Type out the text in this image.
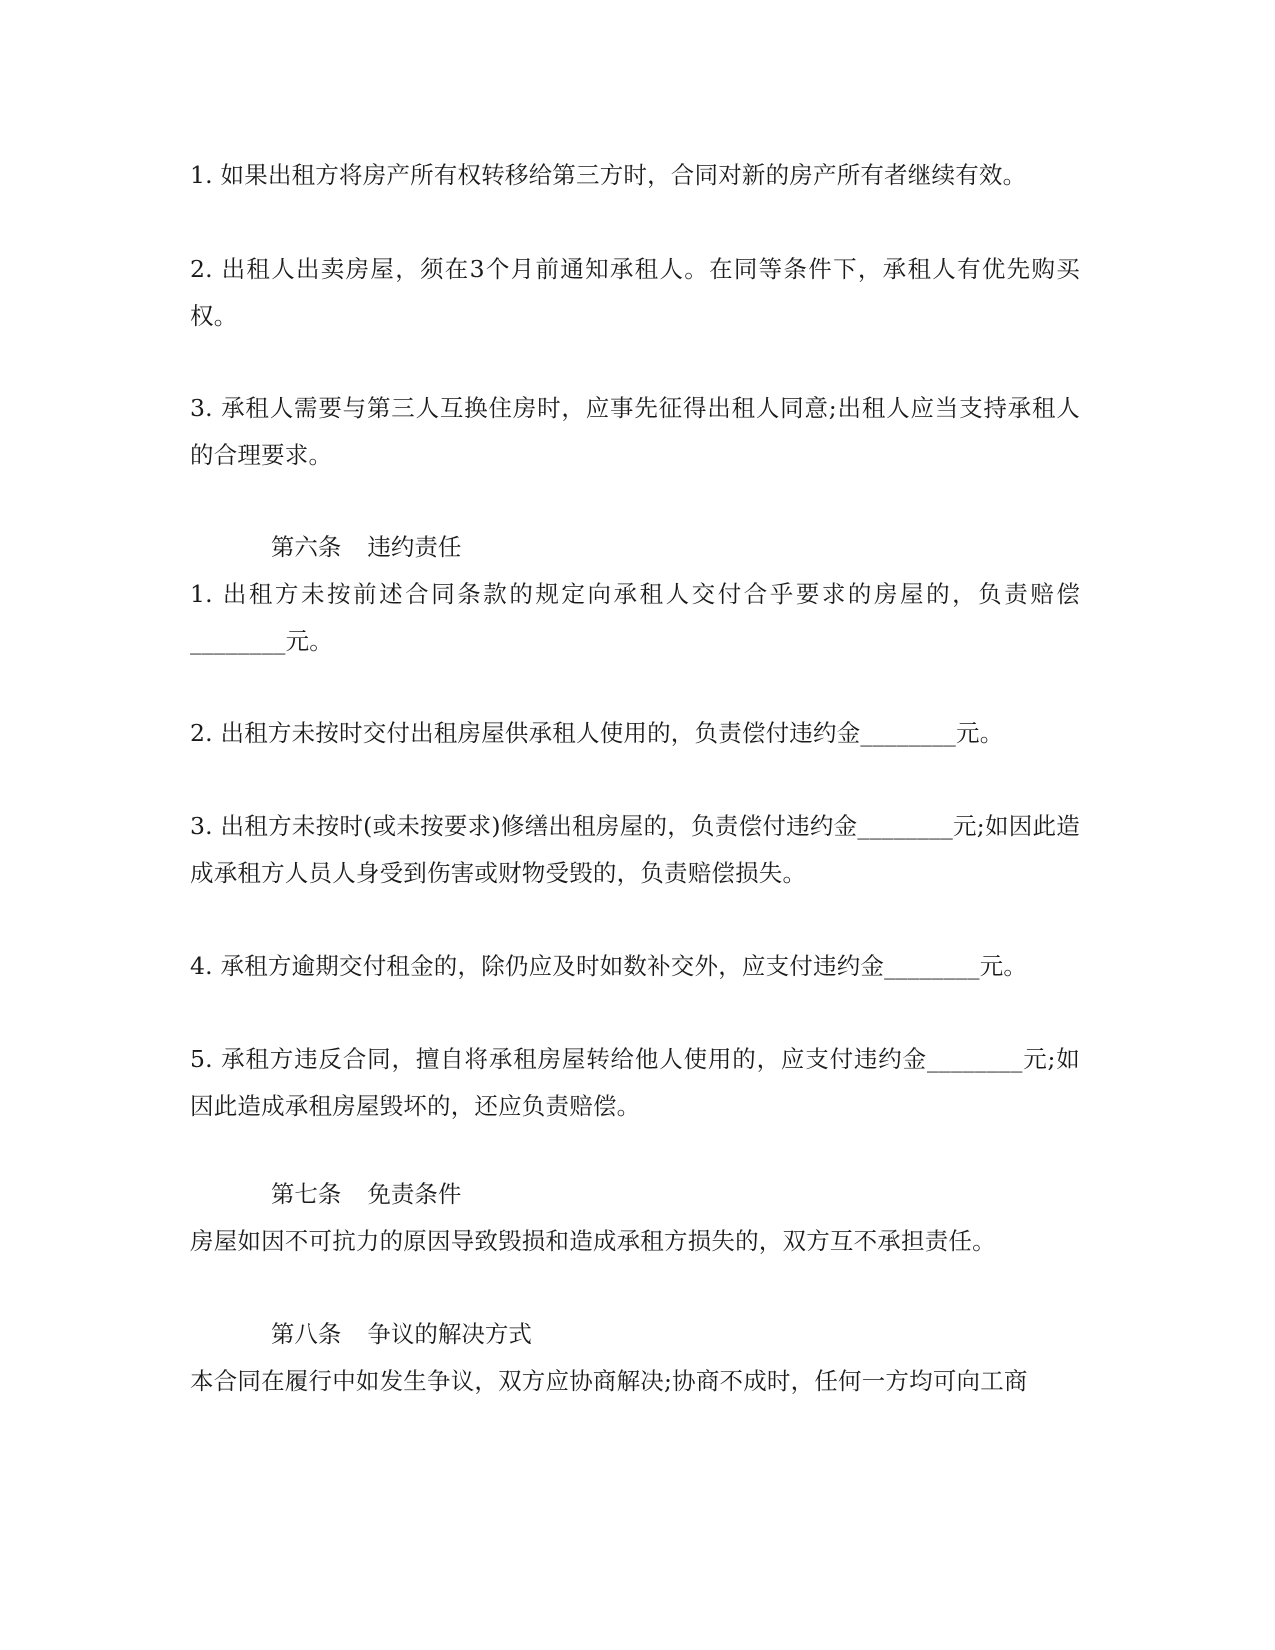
1. 如果出租方将房产所有权转移给第三方时，合同对新的房产所有者继续有效。

2. 出租人出卖房屋，须在3个月前通知承租人。在同等条件下，承租人有优先购买权。

3. 承租人需要与第三人互换住房时，应事先征得出租人同意;出租人应当支持承租人的合理要求。

第六条 违约责任

1. 出租方未按前述合同条款的规定向承租人交付合乎要求的房屋的，负责赔偿________元。

2. 出租方未按时交付出租房屋供承租人使用的，负责偿付违约金________元。

3. 出租方未按时(或未按要求)修缮出租房屋的，负责偿付违约金________元;如因此造成承租方人员人身受到伤害或财物受毁的，负责赔偿损失。

4. 承租方逾期交付租金的，除仍应及时如数补交外，应支付违约金________元。

5. 承租方违反合同，擅自将承租房屋转给他人使用的，应支付违约金________元;如因此造成承租房屋毁坏的，还应负责赔偿。

第七条 免责条件

房屋如因不可抗力的原因导致毁损和造成承租方损失的，双方互不承担责任。

第八条 争议的解决方式

本合同在履行中如发生争议，双方应协商解决;协商不成时，任何一方均可向工商
